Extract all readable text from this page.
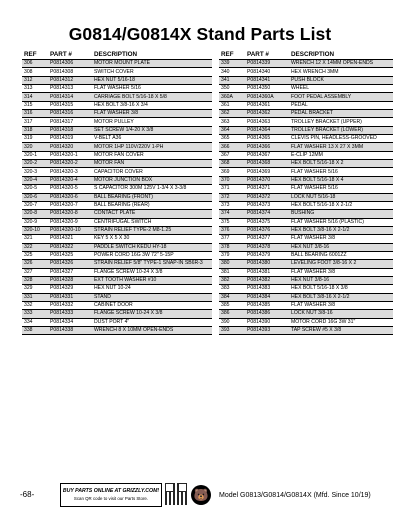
G0814/G0814X Stand Parts List
REF	PART #	DESCRIPTION
306	P0814306	MOTOR MOUNT PLATE
308	P0814308	SWITCH COVER
312	P0814312	HEX NUT 5/16-18
313	P0814313	FLAT WASHER 5/16
314	P0814314	CARRIAGE BOLT 5/16-18 X 5/8
315	P0814315	HEX BOLT 3/8-16 X 3/4
316	P0814316	FLAT WASHER 3/8
317	P0814317	MOTOR PULLEY
318	P0814318	SET SCREW 1/4-20 X 3/8
319	P0814319	V-BELT A36
320	P0814320	MOTOR 1HP 110V/220V 1-PH
320-1	P0814320-1	MOTOR FAN COVER
320-2	P0814320-2	MOTOR FAN
320-3	P0814320-3	CAPACITOR COVER
320-4	P0814320-4	MOTOR JUNCTION BOX
320-5	P0814320-5	S CAPACITOR 300M 125V 1-3/4 X 3-3/8
320-6	P0814320-6	BALL BEARING (FRONT)
320-7	P0814320-7	BALL BEARING (REAR)
320-8	P0814320-8	CONTACT PLATE
320-9	P0814320-9	CENTRIFUGAL SWITCH
320-10	P0814320-10	STRAIN RELIEF TYPE-2 M8-1.25
321	P0814321	KEY 5 X 5 X 30
322	P0814322	PADDLE SWITCH KEDU HY-18
325	P0814325	POWER CORD 16G 3W 72" 5-15P
326	P0814326	STRAIN RELIEF 5/8" TYPE-1 SNAP-IN SB6R-3
327	P0814327	FLANGE SCREW 10-24 X 3/8
328	P0814328	EXT TOOTH WASHER #10
329	P0814329	HEX NUT 10-24
331	P0814331	STAND
332	P0814332	CABINET DOOR
333	P0814333	FLANGE SCREW 10-24 X 3/8
334	P0814334	DUST PORT 4"
338	P0814338	WRENCH 8 X 10MM OPEN-ENDS
REF	PART #	DESCRIPTION
339	P0814339	WRENCH 12 X 14MM OPEN-ENDS
340	P0814340	HEX WRENCH 3MM
341	P0814341	PUSH BLOCK
350	P0814350	WHEEL
360A	P0814360A	FOOT PEDAL ASSEMBLY
361	P0814361	PEDAL
362	P0814362	PEDAL BRACKET
363	P0814363	TROLLEY BRACKET (UPPER)
364	P0814364	TROLLEY BRACKET (LOWER)
365	P0814365	CLEVIS PIN, HEADLESS-GROOVED
366	P0814366	FLAT WASHER 13 X 27 X 3MM
367	P0814367	E-CLIP 12MM
368	P0814368	HEX BOLT 5/16-18 X 2
369	P0814369	FLAT WASHER 5/16
370	P0814370	HEX BOLT 5/16-18 X 4
371	P0814371	FLAT WASHER 5/16
372	P0814372	LOCK NUT 5/16-18
373	P0814373	HEX BOLT 5/16-18 X 2-1/2
374	P0814374	BUSHING
375	P0814375	FLAT WASHER 5/16 (PLASTIC)
376	P0814376	HEX BOLT 3/8-16 X 2-1/2
377	P0814377	FLAT WASHER 3/8
378	P0814378	HEX NUT 3/8-16
379	P0814379	BALL BEARING 6001ZZ
380	P0814380	LEVELING FOOT 3/8-16 X 2
381	P0814381	FLAT WASHER 3/8
382	P0814382	HEX NUT 3/8-16
383	P0814383	HEX BOLT 5/16-18 X 3/8
384	P0814384	HEX BOLT 3/8-16 X 2-1/2
385	P0814385	FLAT WASHER 3/8
386	P0814386	LOCK NUT 3/8-16
390	P0814390	MOTOR CORD 16G 3W 31"
393	P0814393	TAP SCREW #5 X 3/8
-68-	BUY PARTS ONLINE AT GRIZZLY.COM!
Scan QR code to visit our Parts Store.	🐻	Model G0813/G0814/G0814X (Mfd. Since 10/19)
